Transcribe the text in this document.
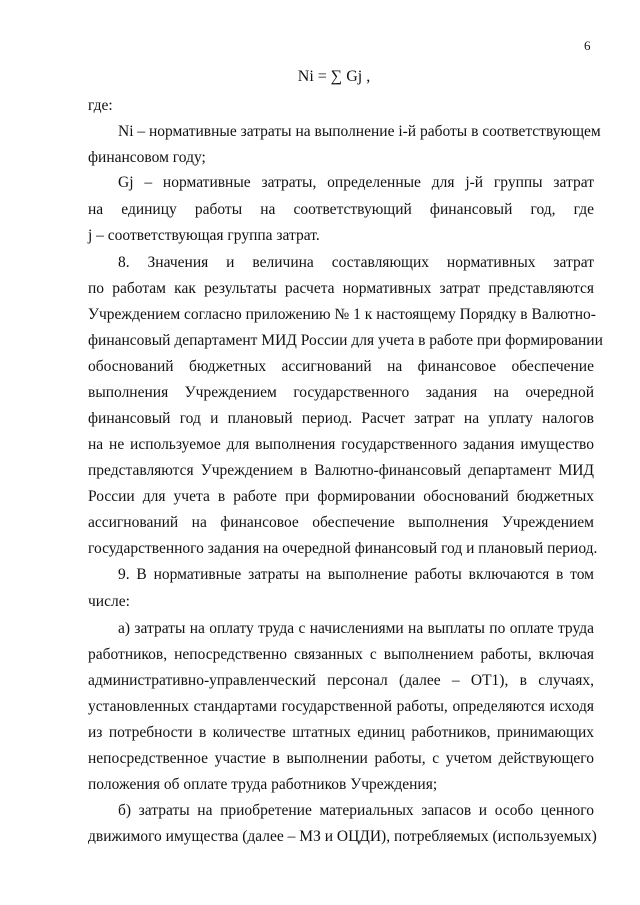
6
Ni = ∑ Gj ,
где:
Ni – нормативные затраты на выполнение i-й работы в соответствующем
финансовом году;
Gj – нормативные затраты, определенные для j-й группы затрат
на единицу работы на соответствующий финансовый год, где
j – соответствующая группа затрат.
8. Значения и величина составляющих нормативных затрат
по работам как результаты расчета нормативных затрат представляются
Учреждением согласно приложению № 1 к настоящему Порядку в Валютно-
финансовый департамент МИД России для учета в работе при формировании
обоснований бюджетных ассигнований на финансовое обеспечение
выполнения Учреждением государственного задания на очередной
финансовый год и плановый период. Расчет затрат на уплату налогов
на не используемое для выполнения государственного задания имущество
представляются Учреждением в Валютно-финансовый департамент МИД
России для учета в работе при формировании обоснований бюджетных
ассигнований на финансовое обеспечение выполнения Учреждением
государственного задания на очередной финансовый год и плановый период.
9. В нормативные затраты на выполнение работы включаются в том
числе:
а) затраты на оплату труда с начислениями на выплаты по оплате труда
работников, непосредственно связанных с выполнением работы, включая
административно-управленческий персонал (далее – ОТ1), в случаях,
установленных стандартами государственной работы, определяются исходя
из потребности в количестве штатных единиц работников, принимающих
непосредственное участие в выполнении работы, с учетом действующего
положения об оплате труда работников Учреждения;
б) затраты на приобретение материальных запасов и особо ценного
движимого имущества (далее – МЗ и ОЦДИ), потребляемых (используемых)
